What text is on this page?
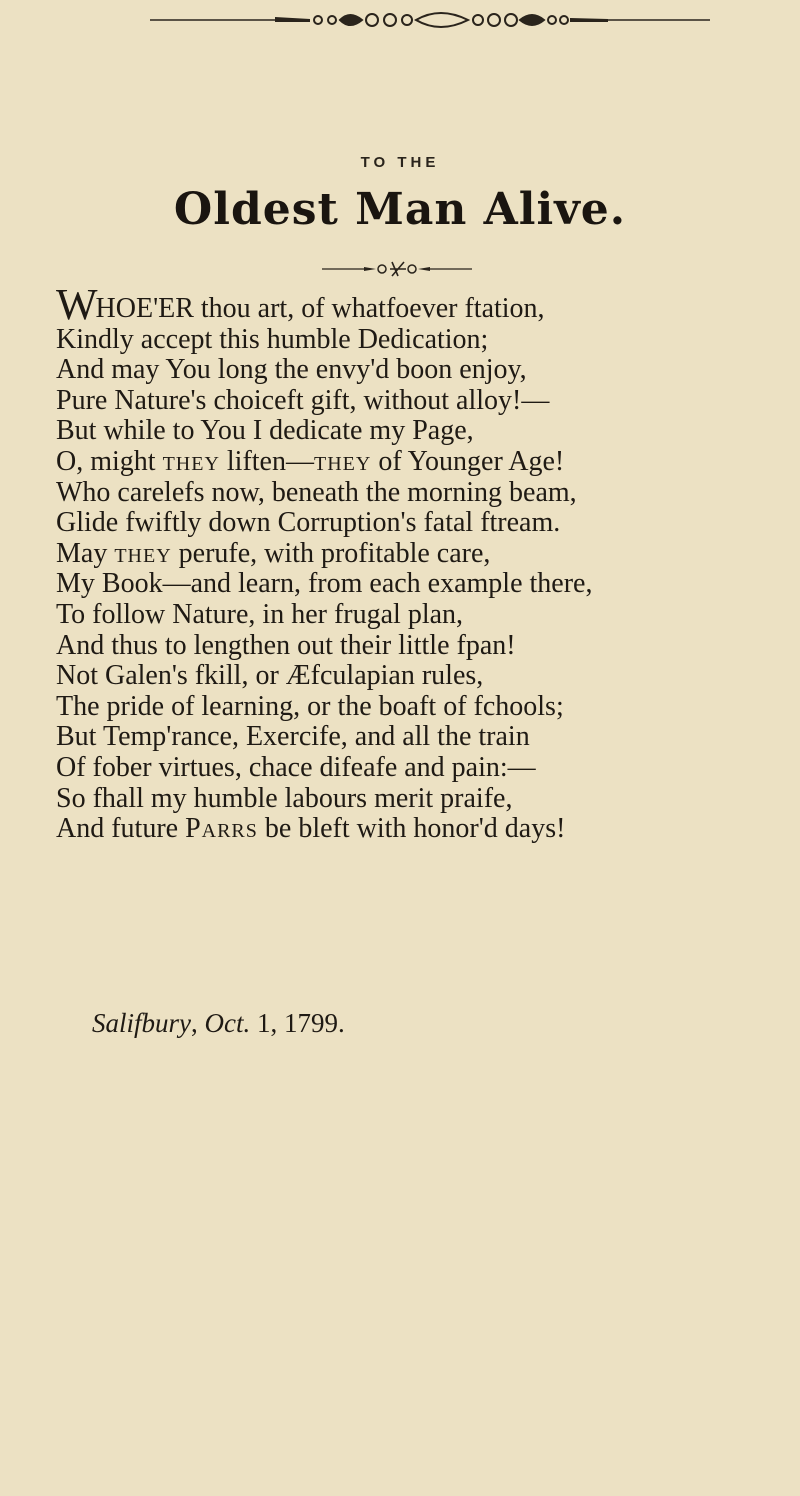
TO THE
Oldest Man Alive.
WHOE'ER thou art, of whatfoever ftation,
Kindly accept this humble Dedication;
And may You long the envy'd boon enjoy,
Pure Nature's choiceft gift, without alloy!—
But while to You I dedicate my Page,
O, might they liften—they of Younger Age!
Who carelefs now, beneath the morning beam,
Glide fwiftly down Corruption's fatal ftream.
May they perufe, with profitable care,
My Book—and learn, from each example there,
To follow Nature, in her frugal plan,
And thus to lengthen out their little fpan!
Not Galen's fkill, or Æfculapian rules,
The pride of learning, or the boaft of fchools;
But Temp'rance, Exercife, and all the train
Of fober virtues, chace difeafe and pain:—
So fhall my humble labours merit praife,
And future Parrs be bleft with honor'd days!
Salifbury, Oct. 1, 1799.
